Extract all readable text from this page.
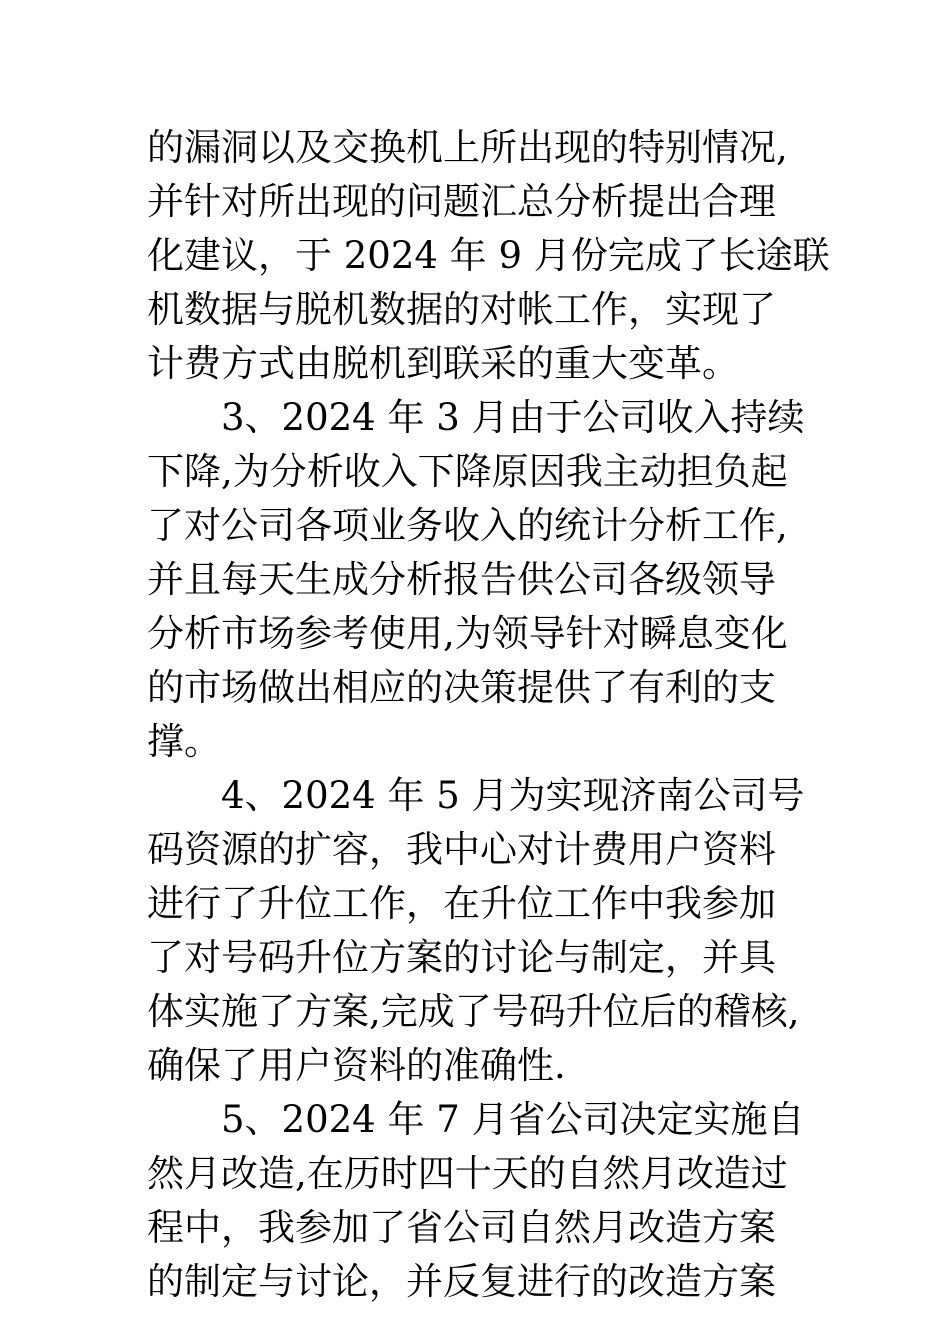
的漏洞以及交换机上所出现的特别情况,
并针对所出现的问题汇总分析提出合理
化建议，于 2024 年 9 月份完成了长途联
机数据与脱机数据的对帐工作，实现了
计费方式由脱机到联采的重大变革。
3、2024 年 3 月由于公司收入持续
下降,为分析收入下降原因我主动担负起
了对公司各项业务收入的统计分析工作,
并且每天生成分析报告供公司各级领导
分析市场参考使用,为领导针对瞬息变化
的市场做出相应的决策提供了有利的支
撑。
4、2024 年 5 月为实现济南公司号
码资源的扩容，我中心对计费用户资料
进行了升位工作，在升位工作中我参加
了对号码升位方案的讨论与制定，并具
体实施了方案,完成了号码升位后的稽核,
确保了用户资料的准确性.
5、2024 年 7 月省公司决定实施自
然月改造,在历时四十天的自然月改造过
程中，我参加了省公司自然月改造方案
的制定与讨论，并反复进行的改造方案
